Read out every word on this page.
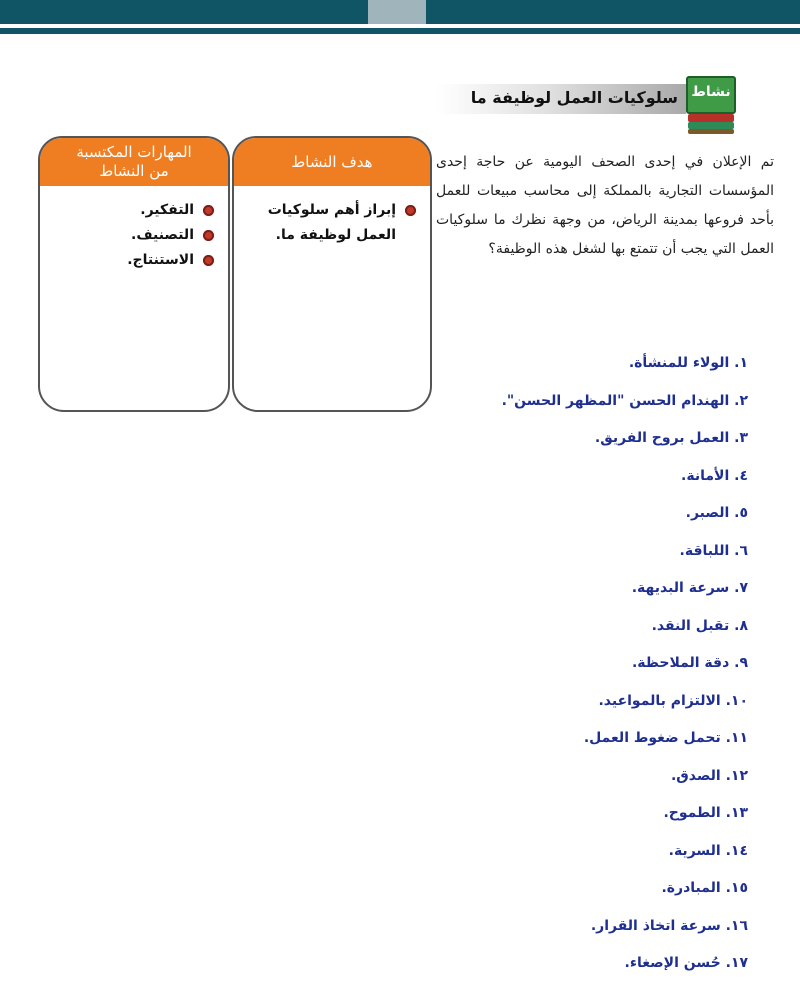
سلوكيات العمل لوظيفة ما نشاط

تم الإعلان في إحدى الصحف اليومية عن حاجة إحدى المؤسسات التجارية بالمملكة إلى محاسب مبيعات للعمل بأحد فروعها بمدينة الرياض، من وجهة نظرك ما سلوكيات العمل التي يجب أن تتمتع بها لشغل هذه الوظيفة؟

هدف النشاط
إبراز أهم سلوكيات العمل لوظيفة ما.
المهارات المكتسبة
من النشاط
التفكير.
التصنيف.
الاستنتاج.
١. الولاء للمنشأة.
٢. الهندام الحسن "المظهر الحسن".
٣. العمل بروح الفريق.
٤. الأمانة.
٥. الصبر.
٦. اللباقة.
٧. سرعة البديهة.
٨. تقبل النقد.
٩. دقة الملاحظة.
١٠. الالتزام بالمواعيد.
١١. تحمل ضغوط العمل.
١٢. الصدق.
١٣. الطموح.
١٤. السرية.
١٥. المبادرة.
١٦. سرعة اتخاذ القرار.
١٧. حُسن الإصغاء.
